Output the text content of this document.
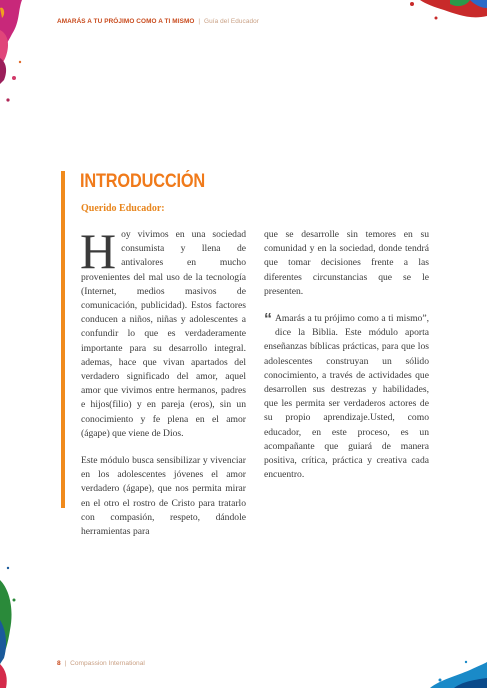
AMARÁS A TU PRÓJIMO COMO A TI MISMO | Guía del Educador
INTRODUCCIÓN
Querido Educador:

Hoy vivimos en una sociedad consumista y llena de antivalores en mucho provenientes del mal uso de la tecnología (Internet, medios masivos de comunicación, publicidad). Estos factores conducen a niños, niñas y adolescentes a confundir lo que es verdaderamente importante para su desarrollo integral. ademas, hace que vivan apartados del verdadero significado del amor, aquel amor que vivimos entre hermanos, padres e hijos(filio) y en pareja (eros), sin un conocimiento y fe plena en el amor (ágape) que viene de Dios.

Este módulo busca sensibilizar y vivenciar en los adolescentes jóvenes el amor verdadero (ágape), que nos permita mirar en el otro el rostro de Cristo para tratarlo con compasión, respeto, dándole herramientas para

que se desarrolle sin temores en su comunidad y en la sociedad, donde tendrá que tomar decisiones frente a las diferentes circunstancias que se le presenten.

“ Amarás a tu prójimo como a ti mismo”, dice la Biblia. Este módulo aporta enseñanzas bíblicas prácticas, para que los adolescentes construyan un sólido conocimiento, a través de actividades que desarrollen sus destrezas y habilidades, que les permita ser verdaderos actores de su propio aprendizaje.Usted, como educador, en este proceso, es un acompañante que guiará de manera positiva, crítica, práctica y creativa cada encuentro.

8 | Compassion International
